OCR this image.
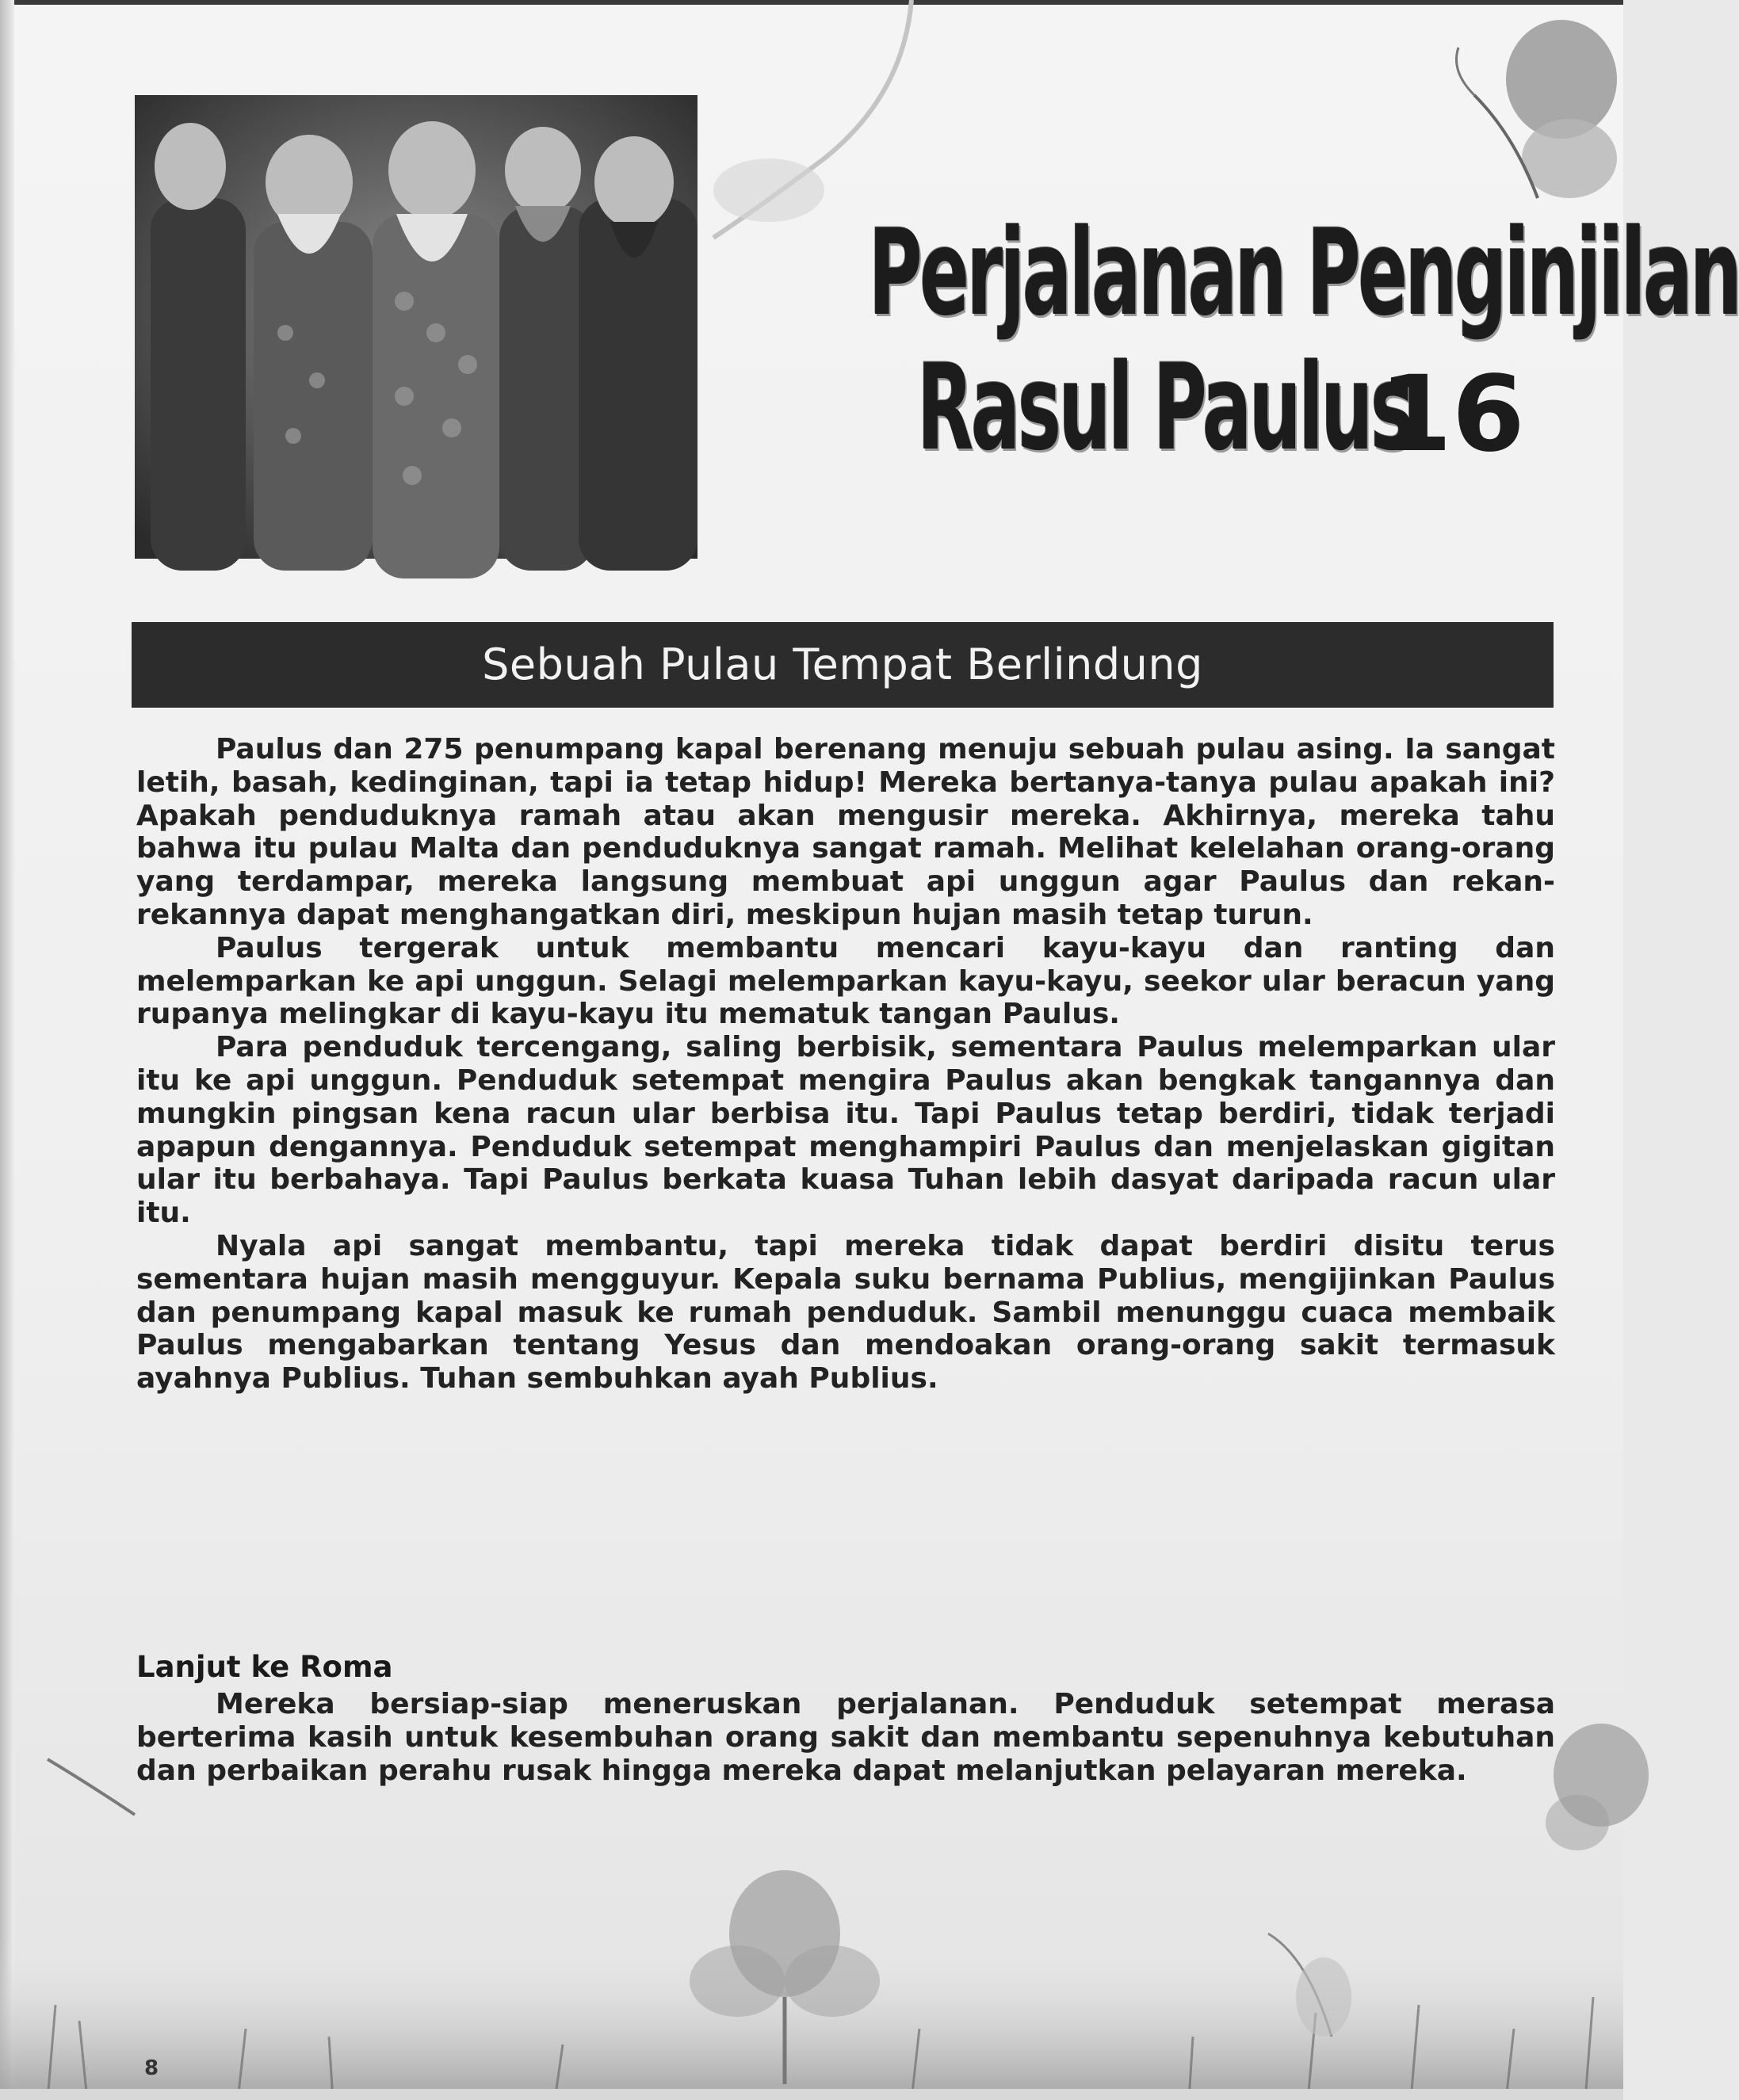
Perjalanan Penginjilan
Rasul Paulus
16
Sebuah Pulau Tempat Berlindung

Paulus dan 275 penumpang kapal berenang menuju sebuah pulau asing. Ia sangat letih, basah, kedinginan, tapi ia tetap hidup! Mereka bertanya-tanya pulau apakah ini? Apakah penduduknya ramah atau akan mengusir mereka. Akhirnya, mereka tahu bahwa itu pulau Malta dan penduduknya sangat ramah. Melihat kelelahan orang-orang yang terdampar, mereka langsung membuat api unggun agar Paulus dan rekan-rekannya dapat menghangatkan diri, meskipun hujan masih tetap turun.

Paulus tergerak untuk membantu mencari kayu-kayu dan ranting dan melemparkan ke api unggun. Selagi melemparkan kayu-kayu, seekor ular beracun yang rupanya melingkar di kayu-kayu itu mematuk tangan Paulus.

Para penduduk tercengang, saling berbisik, sementara Paulus melemparkan ular itu ke api unggun. Penduduk setempat mengira Paulus akan bengkak tangannya dan mungkin pingsan kena racun ular berbisa itu. Tapi Paulus tetap berdiri, tidak terjadi apapun dengannya. Penduduk setempat menghampiri Paulus dan menjelaskan gigitan ular itu berbahaya. Tapi Paulus berkata kuasa Tuhan lebih dasyat daripada racun ular itu.

Nyala api sangat membantu, tapi mereka tidak dapat berdiri disitu terus sementara hujan masih mengguyur. Kepala suku bernama Publius, mengijinkan Paulus dan penumpang kapal masuk ke rumah penduduk. Sambil menunggu cuaca membaik Paulus mengabarkan tentang Yesus dan mendoakan orang-orang sakit termasuk ayahnya Publius. Tuhan sembuhkan ayah Publius.

Lanjut ke Roma

Mereka bersiap-siap meneruskan perjalanan. Penduduk setempat merasa berterima kasih untuk kesembuhan orang sakit dan membantu sepenuhnya kebutuhan dan perbaikan perahu rusak hingga mereka dapat melanjutkan pelayaran mereka.

8
